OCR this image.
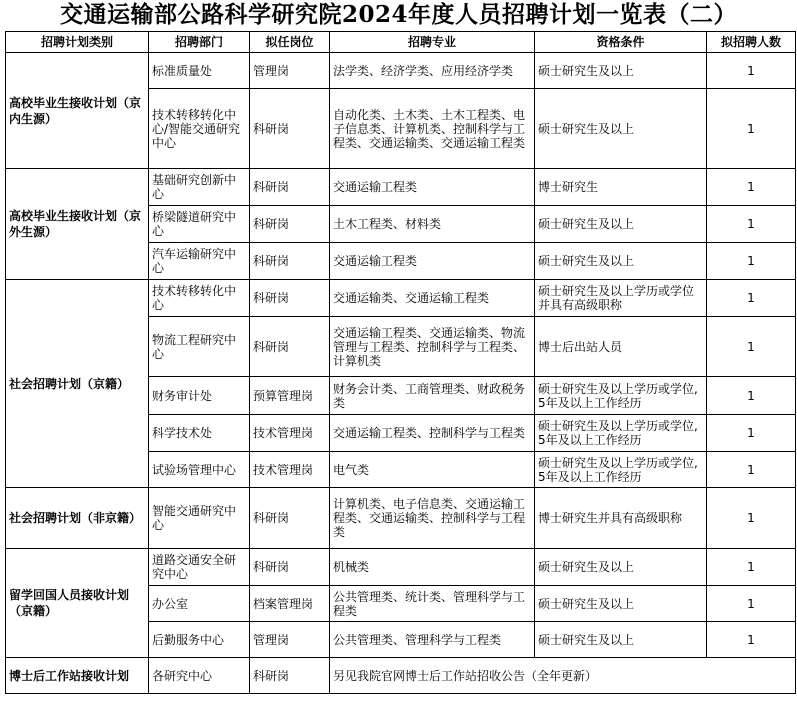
交通运输部公路科学研究院2024年度人员招聘计划一览表（二）
招聘计划类别	招聘部门	拟任岗位	招聘专业	资格条件	拟招聘人数
高校毕业生接收计划（京内生源）	标准质量处	管理岗	法学类、经济学类、应用经济学类	硕士研究生及以上	1
	技术转移转化中心/智能交通研究中心	科研岗	自动化类、土木类、土木工程类、电子信息类、计算机类、控制科学与工程类、交通运输类、交通运输工程类	硕士研究生及以上	1
高校毕业生接收计划（京外生源）	基础研究创新中心	科研岗	交通运输工程类	博士研究生	1
	桥梁隧道研究中心	科研岗	土木工程类、材料类	硕士研究生及以上	1
	汽车运输研究中心	科研岗	交通运输工程类	硕士研究生及以上	1
社会招聘计划（京籍）	技术转移转化中心	科研岗	交通运输类、交通运输工程类	硕士研究生及以上学历或学位并具有高级职称	1
	物流工程研究中心	科研岗	交通运输工程类、交通运输类、物流管理与工程类、控制科学与工程类、计算机类	博士后出站人员	1
	财务审计处	预算管理岗	财务会计类、工商管理类、财政税务类	硕士研究生及以上学历或学位,5年及以上工作经历	1
	科学技术处	技术管理岗	交通运输工程类、控制科学与工程类	硕士研究生及以上学历或学位,5年及以上工作经历	1
	试验场管理中心	技术管理岗	电气类	硕士研究生及以上学历或学位,5年及以上工作经历	1
社会招聘计划（非京籍）	智能交通研究中心	科研岗	计算机类、电子信息类、交通运输工程类、交通运输类、控制科学与工程类	博士研究生并具有高级职称	1
留学回国人员接收计划（京籍）	道路交通安全研究中心	科研岗	机械类	硕士研究生及以上	1
	办公室	档案管理岗	公共管理类、统计类、管理科学与工程类	硕士研究生及以上	1
	后勤服务中心	管理岗	公共管理类、管理科学与工程类	硕士研究生及以上	1
博士后工作站接收计划	各研究中心	科研岗	另见我院官网博士后工作站招收公告（全年更新）		
